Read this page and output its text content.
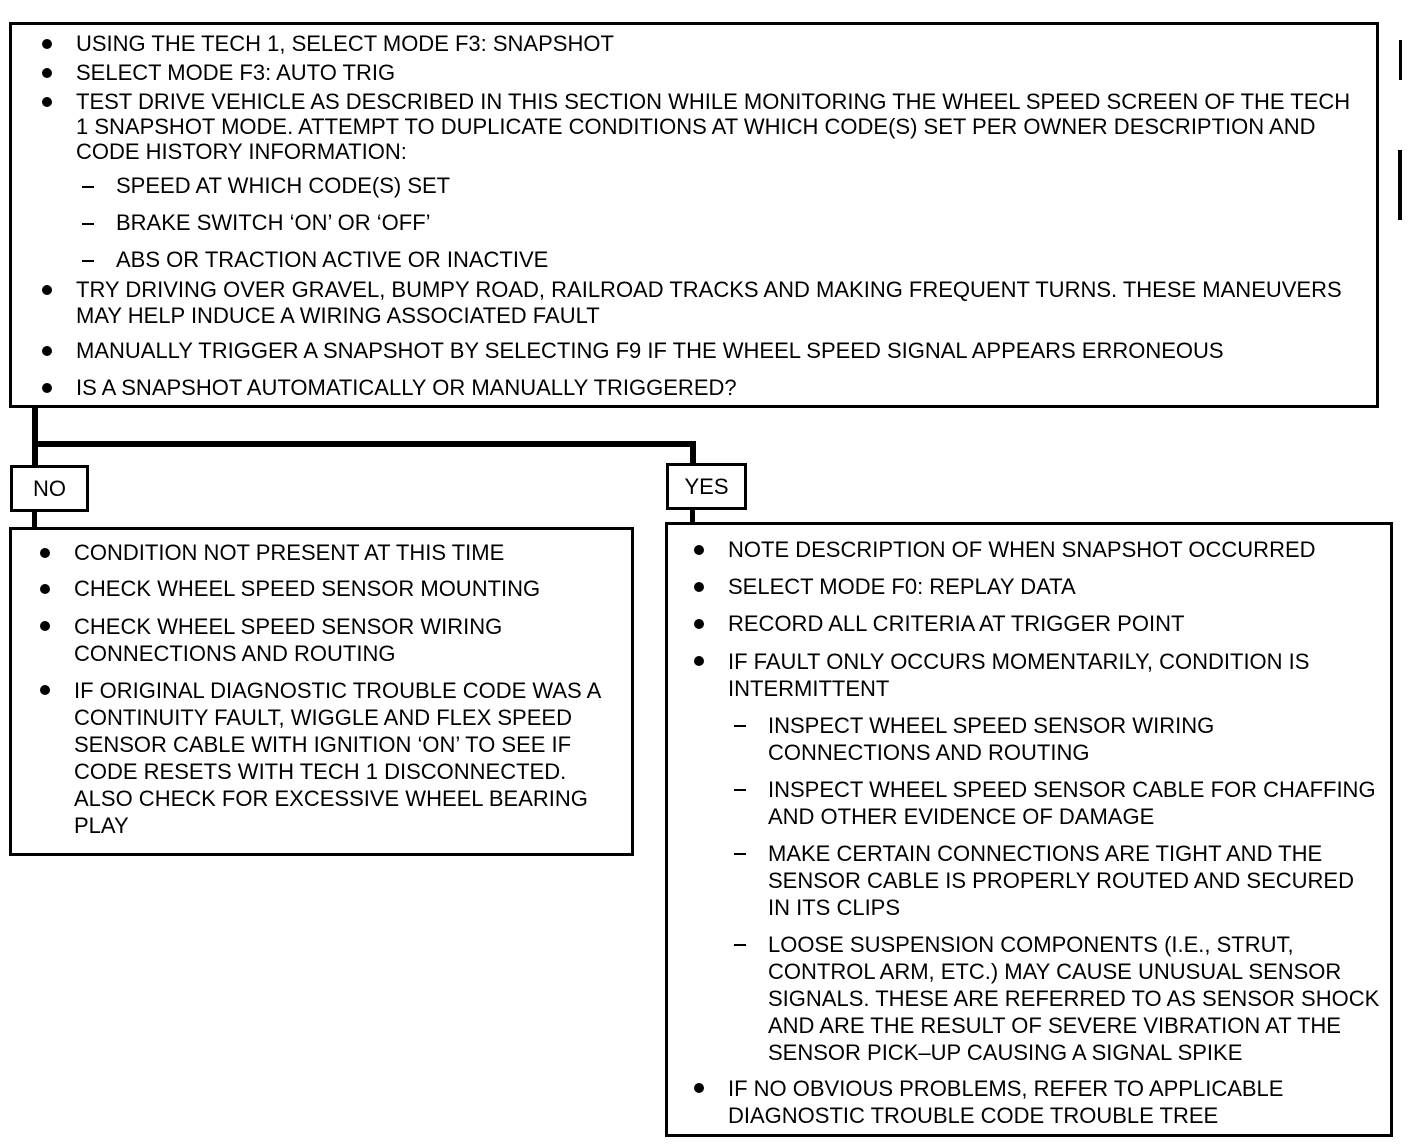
USING THE TECH 1, SELECT MODE F3: SNAPSHOT
SELECT MODE F3: AUTO TRIG
TEST DRIVE VEHICLE AS DESCRIBED IN THIS SECTION WHILE MONITORING THE WHEEL SPEED SCREEN OF THE TECH 1 SNAPSHOT MODE. ATTEMPT TO DUPLICATE CONDITIONS AT WHICH CODE(S) SET PER OWNER DESCRIPTION AND CODE HISTORY INFORMATION:
SPEED AT WHICH CODE(S) SET
BRAKE SWITCH ‘ON’ OR ‘OFF’
ABS OR TRACTION ACTIVE OR INACTIVE
TRY DRIVING OVER GRAVEL, BUMPY ROAD, RAILROAD TRACKS AND MAKING FREQUENT TURNS. THESE MANEUVERS MAY HELP INDUCE A WIRING ASSOCIATED FAULT
MANUALLY TRIGGER A SNAPSHOT BY SELECTING F9 IF THE WHEEL SPEED SIGNAL APPEARS ERRONEOUS
IS A SNAPSHOT AUTOMATICALLY OR MANUALLY TRIGGERED?
NO	YES
CONDITION NOT PRESENT AT THIS TIME
CHECK WHEEL SPEED SENSOR MOUNTING
CHECK WHEEL SPEED SENSOR WIRING CONNECTIONS AND ROUTING
IF ORIGINAL DIAGNOSTIC TROUBLE CODE WAS A CONTINUITY FAULT, WIGGLE AND FLEX SPEED SENSOR CABLE WITH IGNITION ‘ON’ TO SEE IF CODE RESETS WITH TECH 1 DISCONNECTED. ALSO CHECK FOR EXCESSIVE WHEEL BEARING PLAY
NOTE DESCRIPTION OF WHEN SNAPSHOT OCCURRED
SELECT MODE F0: REPLAY DATA
RECORD ALL CRITERIA AT TRIGGER POINT
IF FAULT ONLY OCCURS MOMENTARILY, CONDITION IS INTERMITTENT
INSPECT WHEEL SPEED SENSOR WIRING CONNECTIONS AND ROUTING
INSPECT WHEEL SPEED SENSOR CABLE FOR CHAFFING AND OTHER EVIDENCE OF DAMAGE
MAKE CERTAIN CONNECTIONS ARE TIGHT AND THE SENSOR CABLE IS PROPERLY ROUTED AND SECURED IN ITS CLIPS
LOOSE SUSPENSION COMPONENTS (I.E., STRUT, CONTROL ARM, ETC.) MAY CAUSE UNUSUAL SENSOR SIGNALS. THESE ARE REFERRED TO AS SENSOR SHOCK AND ARE THE RESULT OF SEVERE VIBRATION AT THE SENSOR PICK–UP CAUSING A SIGNAL SPIKE
IF NO OBVIOUS PROBLEMS, REFER TO APPLICABLE DIAGNOSTIC TROUBLE CODE TROUBLE TREE
